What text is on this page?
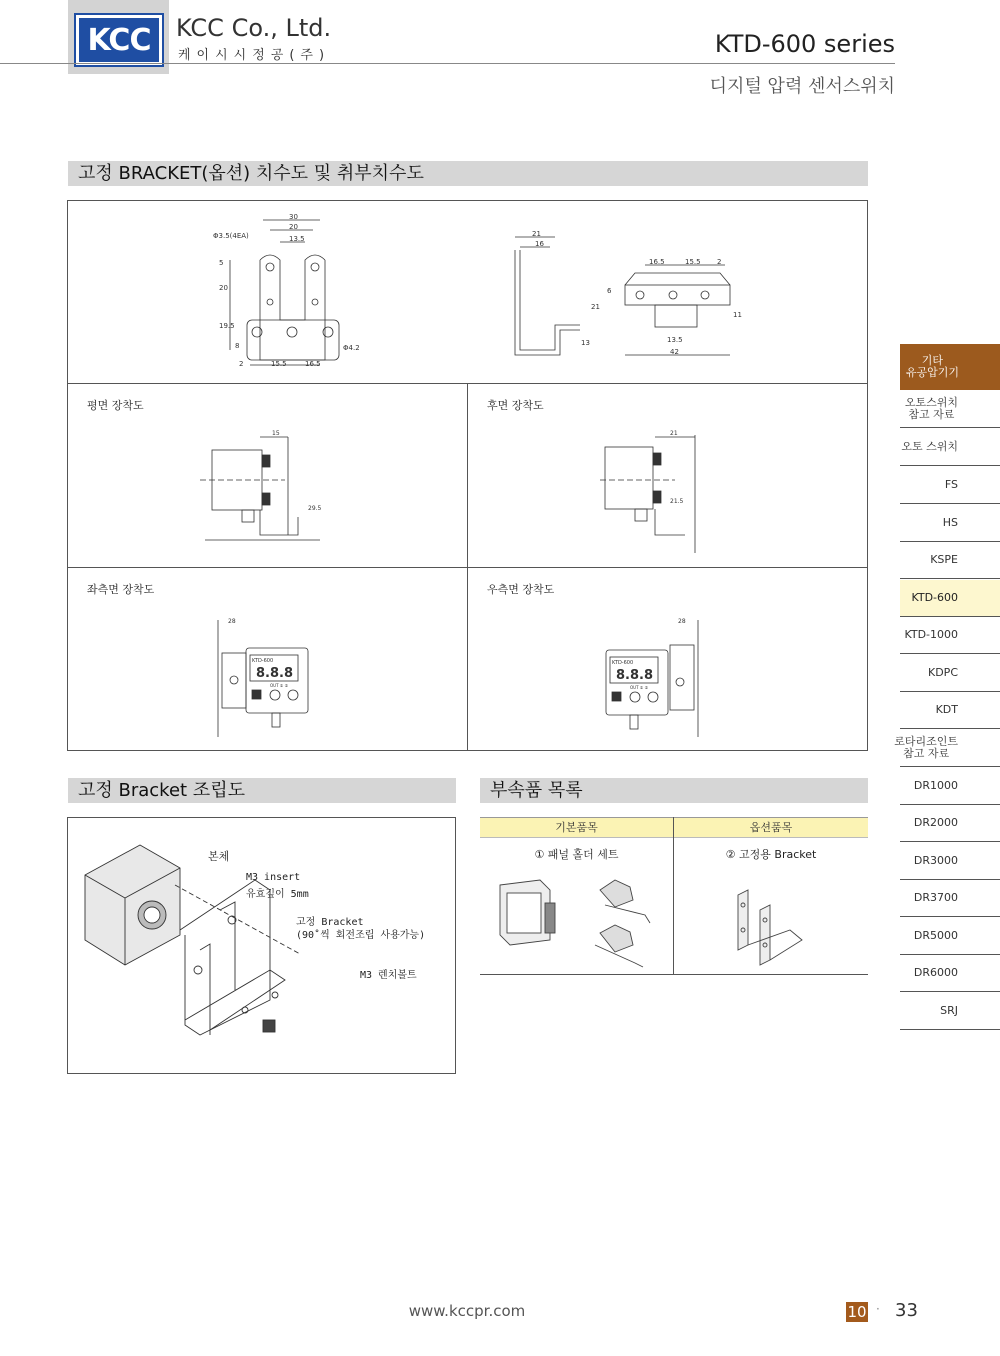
KCC KCC Co., Ltd.
케이시시정공(주)	KTD-600 series
디지털 압력 센서스위치
고정 BRACKET(옵션) 치수도 및 취부치수도
30
20
13.5
Φ3.5(4EA)
5
20
19.5
8
2	15.5	16.5
Φ4.2
21
16
16.5	15.5 2
6
21
13	13.5
42
11
평면 장착도	후면 장착도
좌측면 장착도	우측면 장착도
15
29.5
21
21.5
KTD-600
8.8.8
OUT ① ②
28
KTD-600
8.8.8
OUT ① ②
28
고정 Bracket 조립도
본체
M3 insert
유효깊이 5mm
고정 Bracket
(90˚씩 회전조립 사용가능)
M3 렌치볼트
부속품 목록
기본품목	옵션품목
① 패널 홀더 세트	② 고정용 Bracket
기타
유공압기기
오토스위치
참고 자료
오토 스위치
FS
HS
KSPE
KTD-600
KTD-1000
KDPC
KDT
로타리조인트
참고 자료
DR1000
DR2000
DR3000
DR3700
DR5000
DR6000
SRJ
www.kccpr.com	10 · 33
